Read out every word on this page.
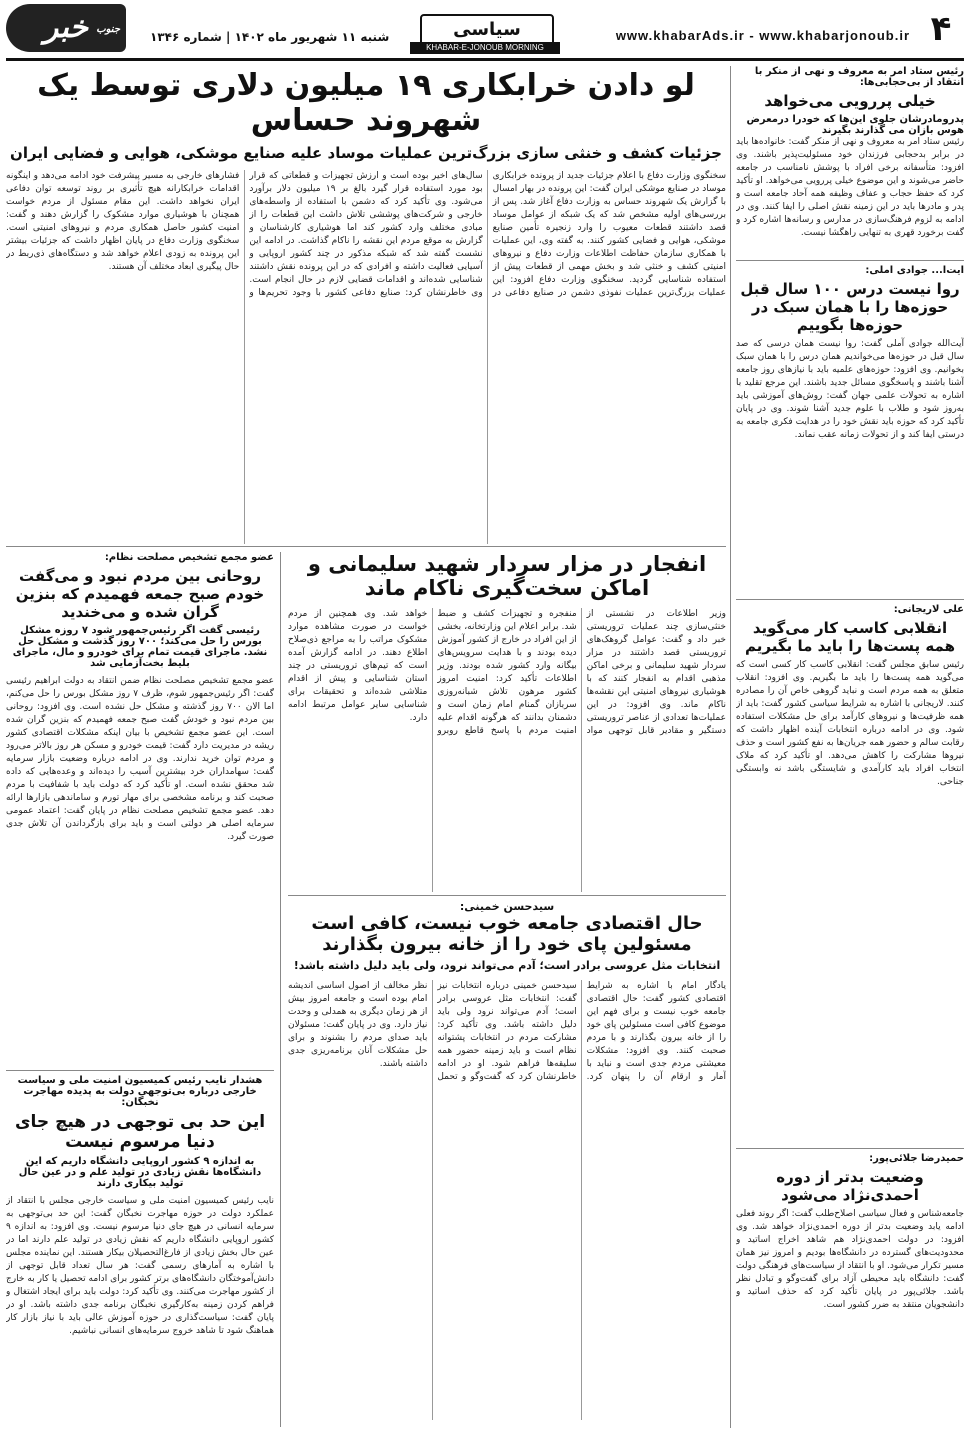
۴
www.khabarAds.ir - www.khabarjonoub.ir
سیاسی
KHABAR-E-JONOUB MORNING
شنبه ۱۱ شهریور ماه ۱۴۰۲ | شماره ۱۳۴۶
خبر جنوب
لو دادن خرابکاری ۱۹ میلیون دلاری توسط یک شهروند حساس
جزئیات کشف و خنثی سازی بزرگ‌ترین عملیات موساد علیه صنایع موشکی، هوایی و فضایی ایران
سخنگوی وزارت دفاع با اعلام جزئیات جدید از پرونده خرابکاری موساد در صنایع موشکی ایران گفت: این پرونده در بهار امسال با گزارش یک شهروند حساس به وزارت دفاع آغاز شد. پس از بررسی‌های اولیه مشخص شد که یک شبکه از عوامل موساد قصد داشتند قطعات معیوب را وارد زنجیره تأمین صنایع موشکی، هوایی و فضایی کشور کنند. به گفته وی، این عملیات با همکاری سازمان حفاظت اطلاعات وزارت دفاع و نیروهای امنیتی کشف و خنثی شد و بخش مهمی از قطعات پیش از استفاده شناسایی گردید. سخنگوی وزارت دفاع افزود: این عملیات بزرگ‌ترین عملیات نفوذی دشمن در صنایع دفاعی در سال‌های اخیر بوده است و ارزش تجهیزات و قطعاتی که قرار بود مورد استفاده قرار گیرد بالغ بر ۱۹ میلیون دلار برآورد می‌شود. وی تأکید کرد که دشمن با استفاده از واسطه‌های خارجی و شرکت‌های پوششی تلاش داشت این قطعات را از مبادی مختلف وارد کشور کند اما هوشیاری کارشناسان و گزارش به موقع مردم این نقشه را ناکام گذاشت. در ادامه این نشست گفته شد که شبکه مذکور در چند کشور اروپایی و آسیایی فعالیت داشته و افرادی که در این پرونده نقش داشتند شناسایی شده‌اند و اقدامات قضایی لازم در حال انجام است. وی خاطرنشان کرد: صنایع دفاعی کشور با وجود تحریم‌ها و فشارهای خارجی به مسیر پیشرفت خود ادامه می‌دهد و اینگونه اقدامات خرابکارانه هیچ تأثیری بر روند توسعه توان دفاعی ایران نخواهد داشت. این مقام مسئول از مردم خواست همچنان با هوشیاری موارد مشکوک را گزارش دهند و گفت: امنیت کشور حاصل همکاری مردم و نیروهای امنیتی است. سخنگوی وزارت دفاع در پایان اظهار داشت که جزئیات بیشتر این پرونده به زودی اعلام خواهد شد و دستگاه‌های ذی‌ربط در حال پیگیری ابعاد مختلف آن هستند.
عضو مجمع تشخیص مصلحت نظام:
روحانی بین مردم نبود و می‌گفت خودم صبح جمعه فهمیدم که بنزین گران شده و می‌خندید
رئیسی گفت اگر رئیس‌جمهور شود ۷ روزه مشکل بورس را حل می‌کند؛ ۷۰۰ روز گذشت و مشکل حل نشد. ماجرای قیمت تمام برای خودرو و مال، ماجرای بلیط بخت‌آزمایی شد
عضو مجمع تشخیص مصلحت نظام ضمن انتقاد به دولت ابراهیم رئیسی گفت: اگر رئیس‌جمهور شوم، ظرف ۷ روز مشکل بورس را حل می‌کنم، اما الان ۷۰۰ روز گذشته و مشکل حل نشده است. وی افزود: روحانی بین مردم نبود و خودش گفت صبح جمعه فهمیدم که بنزین گران شده است. این عضو مجمع تشخیص با بیان اینکه مشکلات اقتصادی کشور ریشه در مدیریت دارد گفت: قیمت خودرو و مسکن هر روز بالاتر می‌رود و مردم توان خرید ندارند. وی در ادامه درباره وضعیت بازار سرمایه گفت: سهامداران خرد بیشترین آسیب را دیده‌اند و وعده‌هایی که داده شد محقق نشده است. او تأکید کرد که دولت باید با شفافیت با مردم صحبت کند و برنامه مشخصی برای مهار تورم و ساماندهی بازارها ارائه دهد. عضو مجمع تشخیص مصلحت نظام در پایان گفت: اعتماد عمومی سرمایه اصلی هر دولتی است و باید برای بازگرداندن آن تلاش جدی صورت گیرد.
انفجار در مزار سردار شهید سلیمانی و اماکن سخت‌گیری ناکام ماند
وزیر اطلاعات در نشستی از خنثی‌سازی چند عملیات تروریستی خبر داد و گفت: عوامل گروهک‌های تروریستی قصد داشتند در مزار سردار شهید سلیمانی و برخی اماکن مذهبی اقدام به انفجار کنند که با هوشیاری نیروهای امنیتی این نقشه‌ها ناکام ماند. وی افزود: در این عملیات‌ها تعدادی از عناصر تروریستی دستگیر و مقادیر قابل توجهی مواد منفجره و تجهیزات کشف و ضبط شد. برابر اعلام این وزارتخانه، بخشی از این افراد در خارج از کشور آموزش دیده بودند و با هدایت سرویس‌های بیگانه وارد کشور شده بودند. وزیر اطلاعات تأکید کرد: امنیت امروز کشور مرهون تلاش شبانه‌روزی سربازان گمنام امام زمان است و دشمنان بدانند که هرگونه اقدام علیه امنیت مردم با پاسخ قاطع روبرو خواهد شد. وی همچنین از مردم خواست در صورت مشاهده موارد مشکوک مراتب را به مراجع ذی‌صلاح اطلاع دهند. در ادامه گزارش آمده است که تیم‌های تروریستی در چند استان شناسایی و پیش از اقدام متلاشی شده‌اند و تحقیقات برای شناسایی سایر عوامل مرتبط ادامه دارد.
سیدحسن خمینی:
حال اقتصادی جامعه خوب نیست، کافی است مسئولین پای خود را از خانه بیرون بگذارند
انتخابات مثل عروسی برادر است؛ آدم می‌تواند نرود، ولی باید دلیل داشته باشد!
یادگار امام با اشاره به شرایط اقتصادی کشور گفت: حال اقتصادی جامعه خوب نیست و برای فهم این موضوع کافی است مسئولین پای خود را از خانه بیرون بگذارند و با مردم صحبت کنند. وی افزود: مشکلات معیشتی مردم جدی است و نباید با آمار و ارقام آن را پنهان کرد. سیدحسن خمینی درباره انتخابات نیز گفت: انتخابات مثل عروسی برادر است؛ آدم می‌تواند نرود ولی باید دلیل داشته باشد. وی تأکید کرد: مشارکت مردم در انتخابات پشتوانه نظام است و باید زمینه حضور همه سلیقه‌ها فراهم شود. او در ادامه خاطرنشان کرد که گفت‌وگو و تحمل نظر مخالف از اصول اساسی اندیشه امام بوده است و جامعه امروز بیش از هر زمان دیگری به همدلی و وحدت نیاز دارد. وی در پایان گفت: مسئولان باید صدای مردم را بشنوند و برای حل مشکلات آنان برنامه‌ریزی جدی داشته باشند.
هشدار نایب رئیس کمیسیون امنیت ملی و سیاست خارجی درباره بی‌توجهی دولت به پدیده مهاجرت نخبگان:
این حد بی توجهی در هیچ جای دنیا مرسوم نیست
به اندازه ۹ کشور اروپایی دانشگاه داریم که این دانشگاه‌ها نقش زیادی در تولید علم و در عین حال تولید بیکاری دارند
نایب رئیس کمیسیون امنیت ملی و سیاست خارجی مجلس با انتقاد از عملکرد دولت در حوزه مهاجرت نخبگان گفت: این حد بی‌توجهی به سرمایه انسانی در هیچ جای دنیا مرسوم نیست. وی افزود: به اندازه ۹ کشور اروپایی دانشگاه داریم که نقش زیادی در تولید علم دارند اما در عین حال بخش زیادی از فارغ‌التحصیلان بیکار هستند. این نماینده مجلس با اشاره به آمارهای رسمی گفت: هر سال تعداد قابل توجهی از دانش‌آموختگان دانشگاه‌های برتر کشور برای ادامه تحصیل یا کار به خارج از کشور مهاجرت می‌کنند. وی تأکید کرد: دولت باید برای ایجاد اشتغال و فراهم کردن زمینه به‌کارگیری نخبگان برنامه جدی داشته باشد. او در پایان گفت: سیاست‌گذاری در حوزه آموزش عالی باید با نیاز بازار کار هماهنگ شود تا شاهد خروج سرمایه‌های انسانی نباشیم.
رئیس ستاد امر به معروف و نهی از منکر با انتقاد از بی‌حجابی‌ها:
خیلی پررویی می‌خواهد
پدرومادرشان جلوی این‌ها که خودرا درمعرض هوس بازان می گذارند بگیرند
رئیس ستاد امر به معروف و نهی از منکر گفت: خانواده‌ها باید در برابر بدحجابی فرزندان خود مسئولیت‌پذیر باشند. وی افزود: متأسفانه برخی افراد با پوشش نامناسب در جامعه حاضر می‌شوند و این موضوع خیلی پررویی می‌خواهد. او تأکید کرد که حفظ حجاب و عفاف وظیفه همه آحاد جامعه است و پدر و مادرها باید در این زمینه نقش اصلی را ایفا کنند. وی در ادامه به لزوم فرهنگ‌سازی در مدارس و رسانه‌ها اشاره کرد و گفت برخورد قهری به تنهایی راهگشا نیست.
آیت‌ا... جوادی آملی:
روا نیست درس ۱۰۰ سال قبل حوزه‌ها را با همان سبک در حوزه‌ها بگوییم
آیت‌الله جوادی آملی گفت: روا نیست همان درسی که صد سال قبل در حوزه‌ها می‌خواندیم همان درس را با همان سبک بخوانیم. وی افزود: حوزه‌های علمیه باید با نیازهای روز جامعه آشنا باشند و پاسخگوی مسائل جدید باشند. این مرجع تقلید با اشاره به تحولات علمی جهان گفت: روش‌های آموزشی باید به‌روز شود و طلاب با علوم جدید آشنا شوند. وی در پایان تأکید کرد که حوزه باید نقش خود را در هدایت فکری جامعه به درستی ایفا کند و از تحولات زمانه عقب نماند.
علی لاریجانی:
انقلابی کاسب کار می‌گوید همه پست‌ها را باید ما بگیریم
رئیس سابق مجلس گفت: انقلابی کاسب کار کسی است که می‌گوید همه پست‌ها را باید ما بگیریم. وی افزود: انقلاب متعلق به همه مردم است و نباید گروهی خاص آن را مصادره کنند. لاریجانی با اشاره به شرایط سیاسی کشور گفت: باید از همه ظرفیت‌ها و نیروهای کارآمد برای حل مشکلات استفاده شود. وی در ادامه درباره انتخابات آینده اظهار داشت که رقابت سالم و حضور همه جریان‌ها به نفع کشور است و حذف نیروها مشارکت را کاهش می‌دهد. او تأکید کرد که ملاک انتخاب افراد باید کارآمدی و شایستگی باشد نه وابستگی جناحی.
حمیدرضا جلائی‌پور:
وضعیت بدتر از دوره احمدی‌نژاد می‌شود
جامعه‌شناس و فعال سیاسی اصلاح‌طلب گفت: اگر روند فعلی ادامه یابد وضعیت بدتر از دوره احمدی‌نژاد خواهد شد. وی افزود: در دولت احمدی‌نژاد هم شاهد اخراج اساتید و محدودیت‌های گسترده در دانشگاه‌ها بودیم و امروز نیز همان مسیر تکرار می‌شود. او با انتقاد از سیاست‌های فرهنگی دولت گفت: دانشگاه باید محیطی آزاد برای گفت‌وگو و تبادل نظر باشد. جلائی‌پور در پایان تأکید کرد که حذف اساتید و دانشجویان منتقد به ضرر کشور است.
